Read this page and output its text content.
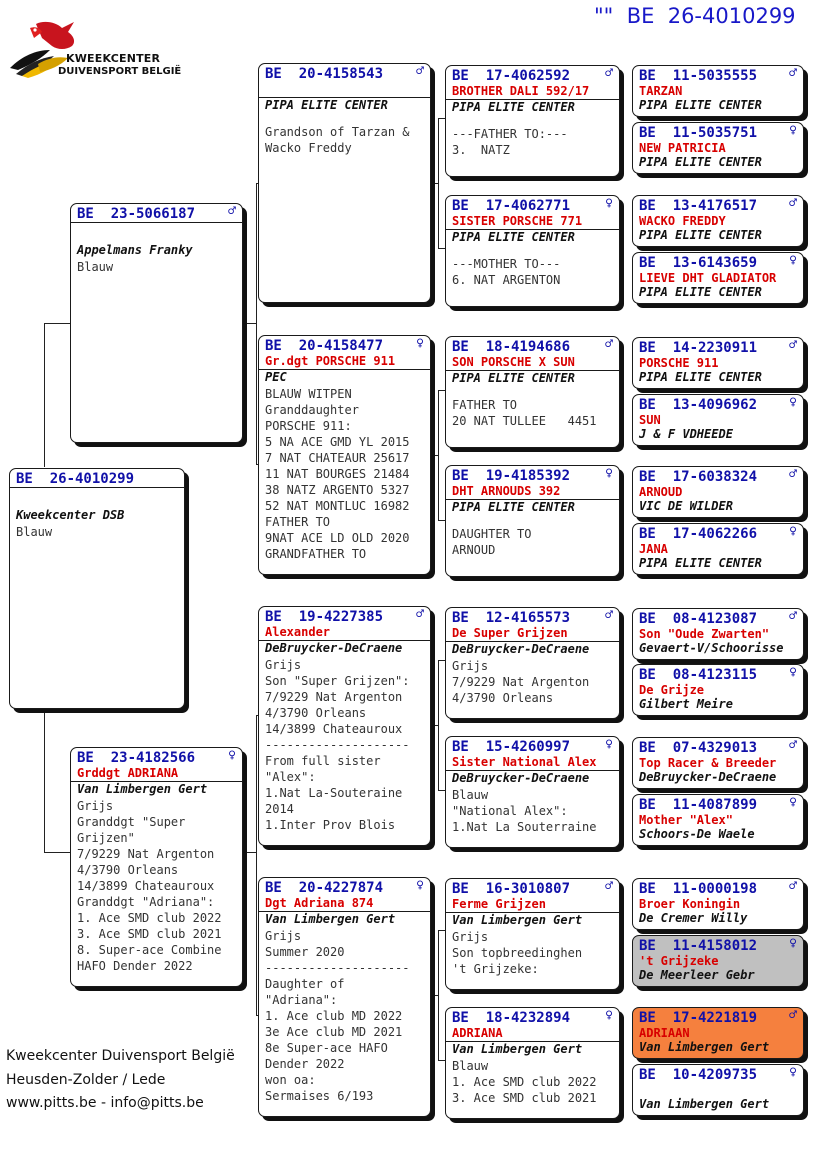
KWEEKCENTER
DUIVENSPORT BELGIË
"" BE  26-4010299
BE  26-4010299
Kweekcenter DSB
Blauw
BE  23-5066187	♂
Appelmans Franky
Blauw
BE  23-4182566	♀
Grddgt ADRIANA
Van Limbergen Gert
Grijs
Granddgt "Super
Grijzen"
7/9229 Nat Argenton
4/3790 Orleans
14/3899 Chateauroux
Granddgt "Adriana":
1. Ace SMD club 2022
3. Ace SMD club 2021
8. Super-ace Combine
HAFO Dender 2022
BE  20-4158543	♂
PIPA ELITE CENTER
Grandson of Tarzan &
Wacko Freddy
BE  20-4158477	♀
Gr.dgt PORSCHE 911
PEC
BLAUW WITPEN
Granddaughter
PORSCHE 911:
5 NA ACE GMD YL 2015
7 NAT CHATEAUR 25617
11 NAT BOURGES 21484
38 NATZ ARGENTO 5327
52 NAT MONTLUC 16982
FATHER TO
9NAT ACE LD OLD 2020
GRANDFATHER TO
BE  19-4227385	♂
Alexander
DeBruycker-DeCraene
Grijs
Son "Super Grijzen":
7/9229 Nat Argenton
4/3790 Orleans
14/3899 Chateauroux
--------------------
From full sister
"Alex":
1.Nat La-Souteraine
2014
1.Inter Prov Blois
BE  20-4227874	♀
Dgt Adriana 874
Van Limbergen Gert
Grijs
Summer 2020
--------------------
Daughter of
"Adriana":
1. Ace club MD 2022
3e Ace club MD 2021
8e Super-ace HAFO
Dender 2022
won oa:
Sermaises 6/193
BE  17-4062592	♂
BROTHER DALI 592/17
PIPA ELITE CENTER
---FATHER TO:---
3.  NATZ
BE  17-4062771	♀
SISTER PORSCHE 771
PIPA ELITE CENTER
---MOTHER TO---
6. NAT ARGENTON
BE  18-4194686	♂
SON PORSCHE X SUN
PIPA ELITE CENTER
FATHER TO
20 NAT TULLEE   4451
BE  19-4185392	♀
DHT ARNOUDS 392
PIPA ELITE CENTER
DAUGHTER TO
ARNOUD
BE  12-4165573	♂
De Super Grijzen
DeBruycker-DeCraene
Grijs
7/9229 Nat Argenton
4/3790 Orleans
BE  15-4260997	♀
Sister National Alex
DeBruycker-DeCraene
Blauw
"National Alex":
1.Nat La Souterraine
BE  16-3010807	♂
Ferme Grijzen
Van Limbergen Gert
Grijs
Son topbreedinghen
't Grijzeke:
BE  18-4232894	♀
ADRIANA
Van Limbergen Gert
Blauw
1. Ace SMD club 2022
3. Ace SMD club 2021
BE  11-5035555 ♂
TARZAN
PIPA ELITE CENTER
BE  11-5035751 ♀
NEW PATRICIA
PIPA ELITE CENTER
BE  13-4176517 ♂
WACKO FREDDY
PIPA ELITE CENTER
BE  13-6143659 ♀
LIEVE DHT GLADIATOR
PIPA ELITE CENTER
BE  14-2230911 ♂
PORSCHE 911
PIPA ELITE CENTER
BE  13-4096962 ♀
SUN
J & F VDHEEDE
BE  17-6038324 ♂
ARNOUD
VIC DE WILDER
BE  17-4062266 ♀
JANA
PIPA ELITE CENTER
BE  08-4123087 ♂
Son "Oude Zwarten"
Gevaert-V/Schoorisse
BE  08-4123115 ♀
De Grijze
Gilbert Meire
BE  07-4329013 ♂
Top Racer & Breeder
DeBruycker-DeCraene
BE  11-4087899 ♀
Mother "Alex"
Schoors-De Waele
BE  11-0000198 ♂
Broer Koningin
De Cremer Willy
BE  11-4158012 ♀
't Grijzeke
De Meerleer Gebr
BE  17-4221819 ♂
ADRIAAN
Van Limbergen Gert
BE  10-4209735 ♀
Van Limbergen Gert
Kweekcenter Duivensport België
Heusden-Zolder / Lede
www.pitts.be - info@pitts.be
